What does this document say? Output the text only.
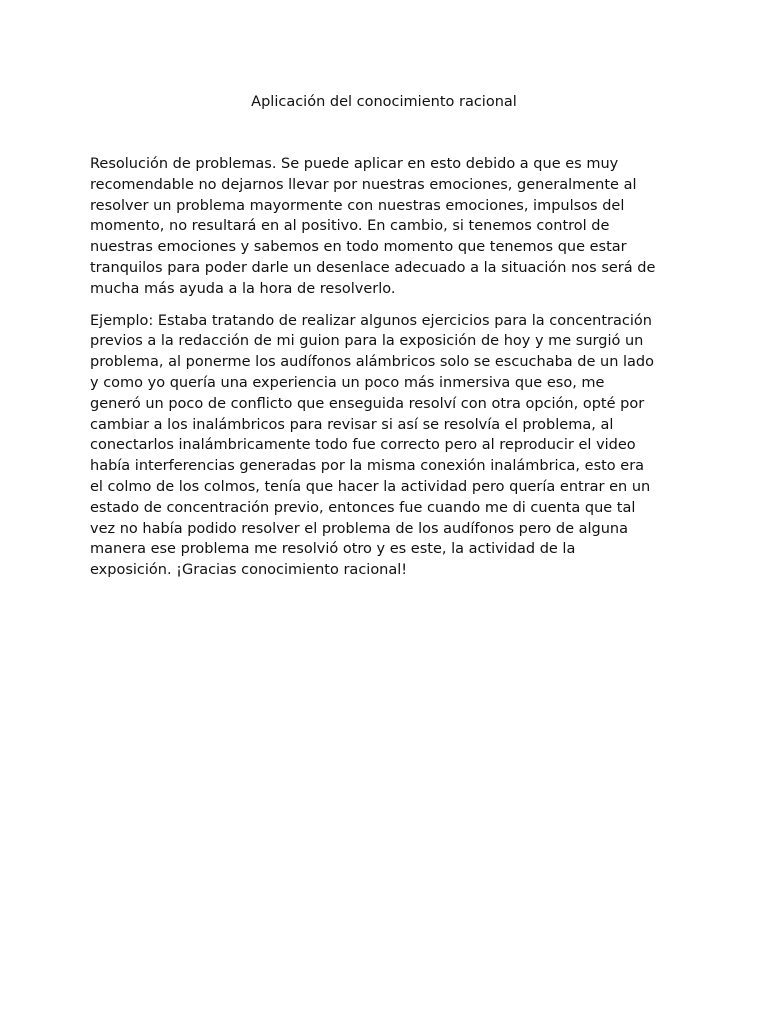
Aplicación del conocimiento racional

Resolución de problemas. Se puede aplicar en esto debido a que es muy
recomendable no dejarnos llevar por nuestras emociones, generalmente al
resolver un problema mayormente con nuestras emociones, impulsos del
momento, no resultará en al positivo. En cambio, si tenemos control de
nuestras emociones y sabemos en todo momento que tenemos que estar
tranquilos para poder darle un desenlace adecuado a la situación nos será de
mucha más ayuda a la hora de resolverlo.

Ejemplo: Estaba tratando de realizar algunos ejercicios para la concentración
previos a la redacción de mi guion para la exposición de hoy y me surgió un
problema, al ponerme los audífonos alámbricos solo se escuchaba de un lado
y como yo quería una experiencia un poco más inmersiva que eso, me
generó un poco de conflicto que enseguida resolví con otra opción, opté por
cambiar a los inalámbricos para revisar si así se resolvía el problema, al
conectarlos inalámbricamente todo fue correcto pero al reproducir el video
había interferencias generadas por la misma conexión inalámbrica, esto era
el colmo de los colmos, tenía que hacer la actividad pero quería entrar en un
estado de concentración previo, entonces fue cuando me di cuenta que tal
vez no había podido resolver el problema de los audífonos pero de alguna
manera ese problema me resolvió otro y es este, la actividad de la
exposición. ¡Gracias conocimiento racional!
